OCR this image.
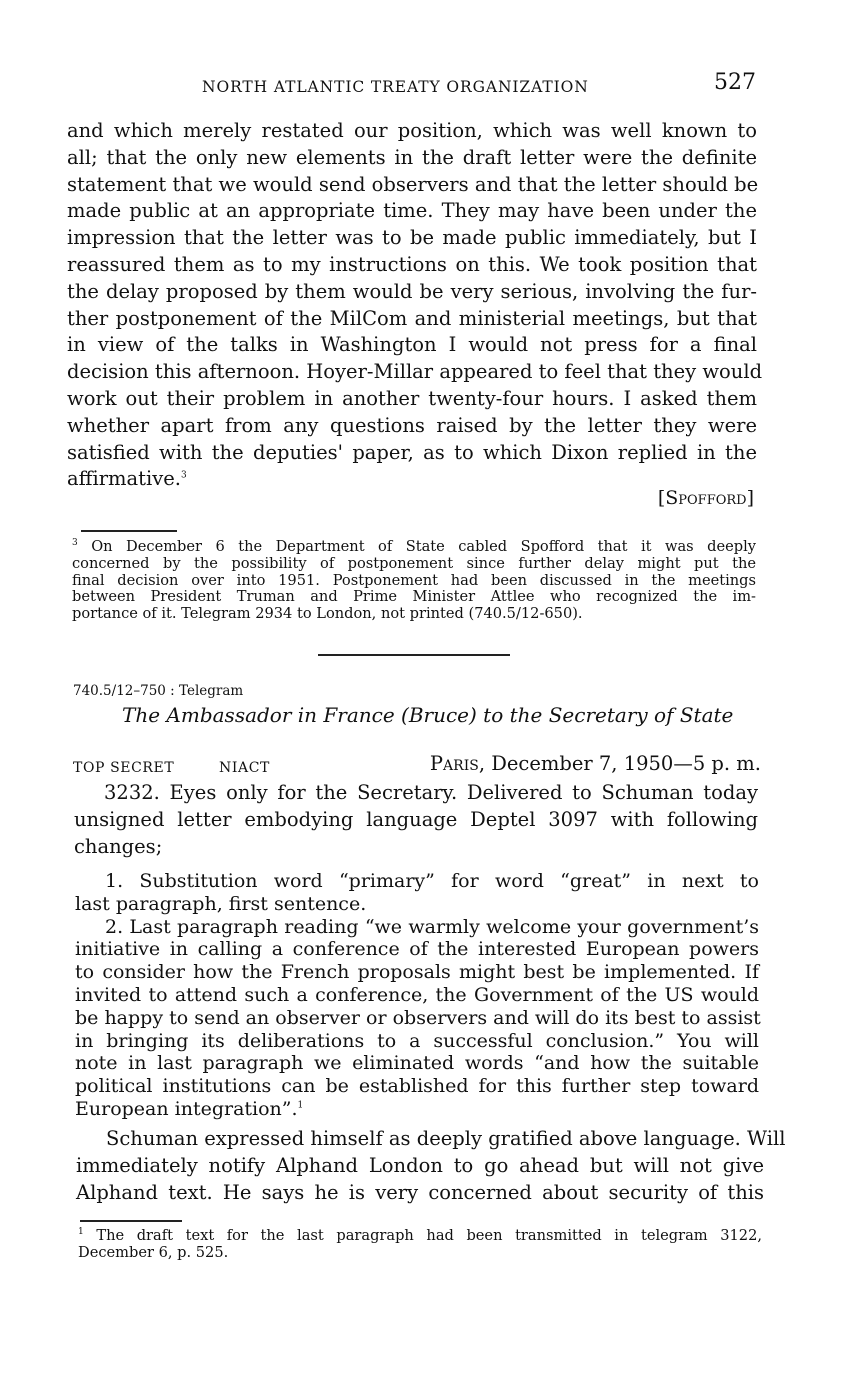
NORTH ATLANTIC TREATY ORGANIZATION	527
and which merely restated our position, which was well known to
all; that the only new elements in the draft letter were the definite
statement that we would send observers and that the letter should be
made public at an appropriate time. They may have been under the
impression that the letter was to be made public immediately, but I
reassured them as to my instructions on this. We took position that
the delay proposed by them would be very serious, involving the fur-
ther postponement of the MilCom and ministerial meetings, but that
in view of the talks in Washington I would not press for a final
decision this afternoon. Hoyer-Millar appeared to feel that they would
work out their problem in another twenty-four hours. I asked them
whether apart from any questions raised by the letter they were
satisfied with the deputies' paper, as to which Dixon replied in the
affirmative.$^3$
[Spofford]
$^3$ On December 6 the Department of State cabled Spofford that it was deeply
concerned by the possibility of postponement since further delay might put the
final decision over into 1951. Postponement had been discussed in the meetings
between President Truman and Prime Minister Attlee who recognized the im-
portance of it. Telegram 2934 to London, not printed (740.5/12-650).
740.5/12–750 : Telegram
The Ambassador in France (Bruce) to the Secretary of State
TOP SECRET	NIACT	Paris, December 7, 1950—5 p. m.
3232. Eyes only for the Secretary. Delivered to Schuman today
unsigned letter embodying language Deptel 3097 with following
changes;
1. Substitution word “primary” for word “great” in next to
last paragraph, first sentence.
2. Last paragraph reading “we warmly welcome your government’s
initiative in calling a conference of the interested European powers
to consider how the French proposals might best be implemented. If
invited to attend such a conference, the Government of the US would
be happy to send an observer or observers and will do its best to assist
in bringing its deliberations to a successful conclusion.” You will
note in last paragraph we eliminated words “and how the suitable
political institutions can be established for this further step toward
European integration”.$^1$
Schuman expressed himself as deeply gratified above language. Will
immediately notify Alphand London to go ahead but will not give
Alphand text. He says he is very concerned about security of this
$^1$ The draft text for the last paragraph had been transmitted in telegram 3122,
December 6, p. 525.
